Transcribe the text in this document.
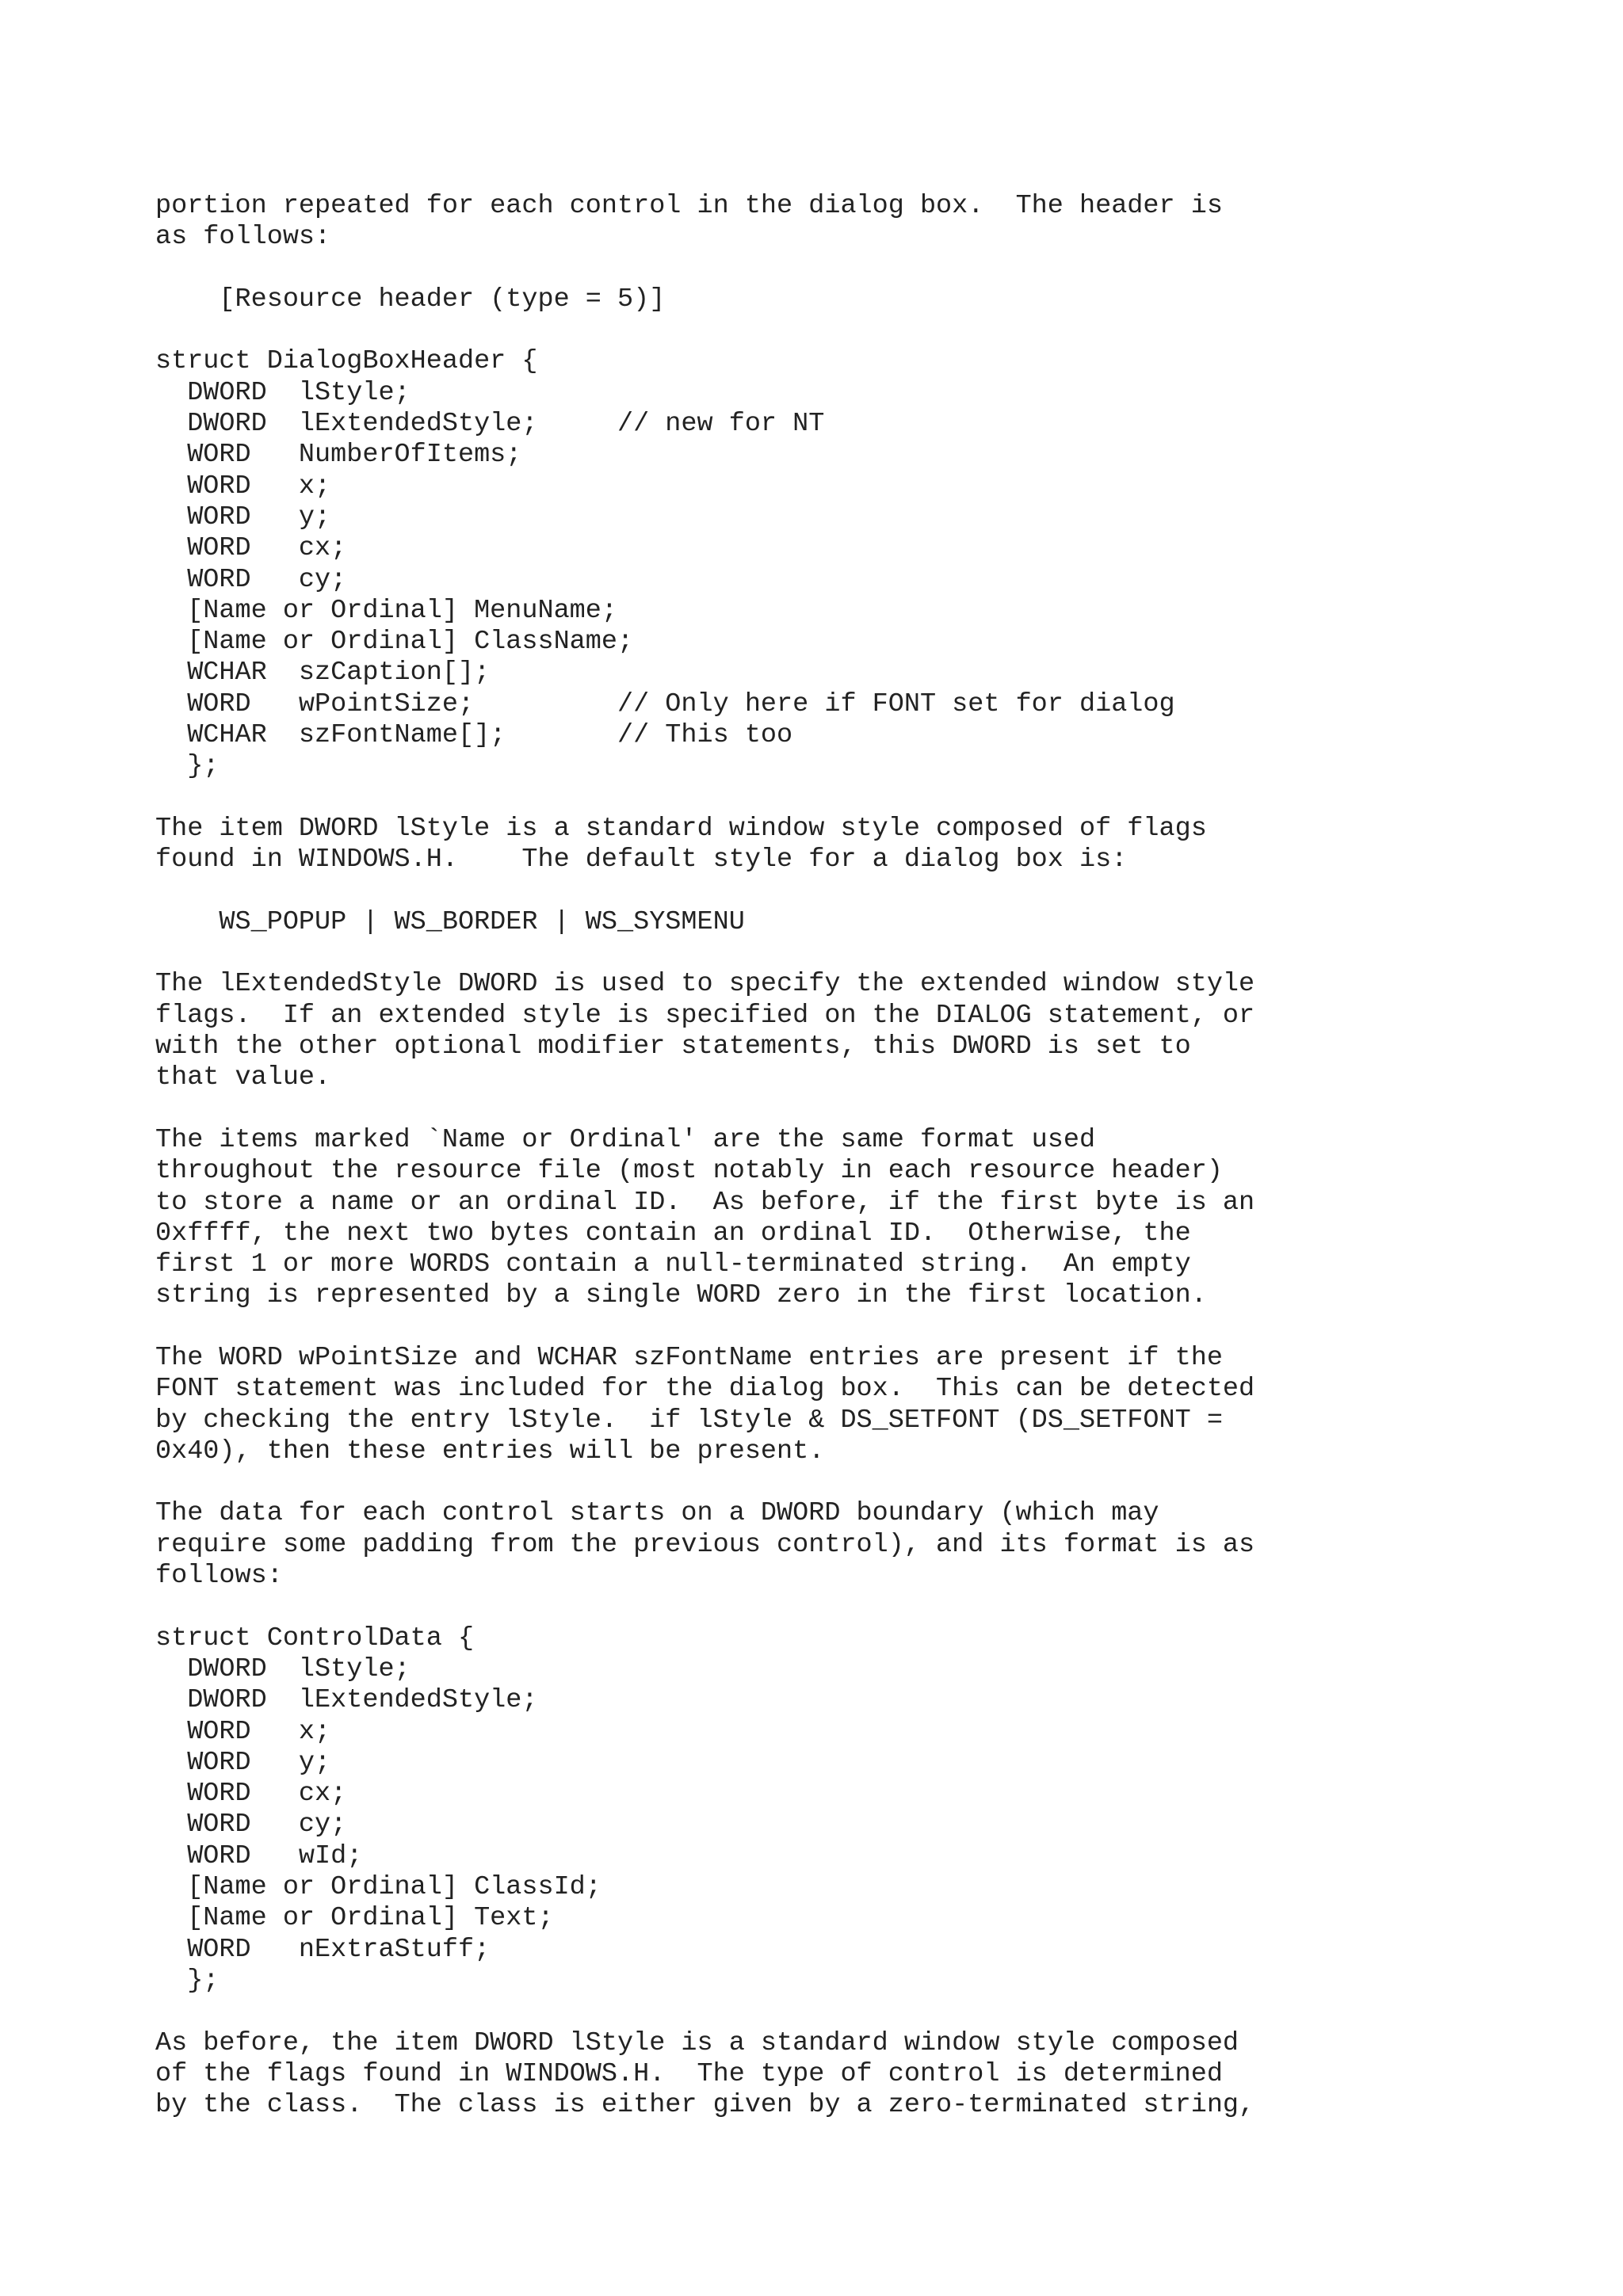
portion repeated for each control in the dialog box.  The header is
as follows:

[Resource header (type = 5)]

struct DialogBoxHeader {
DWORD  lStyle;
DWORD  lExtendedStyle;     // new for NT
WORD   NumberOfItems;
WORD   x;
WORD   y;
WORD   cx;
WORD   cy;
[Name or Ordinal] MenuName;
[Name or Ordinal] ClassName;
WCHAR  szCaption[];
WORD   wPointSize;         // Only here if FONT set for dialog
WCHAR  szFontName[];       // This too
};

The item DWORD lStyle is a standard window style composed of flags
found in WINDOWS.H.    The default style for a dialog box is:

WS_POPUP | WS_BORDER | WS_SYSMENU

The lExtendedStyle DWORD is used to specify the extended window style
flags.  If an extended style is specified on the DIALOG statement, or
with the other optional modifier statements, this DWORD is set to
that value.

The items marked `Name or Ordinal' are the same format used
throughout the resource file (most notably in each resource header)
to store a name or an ordinal ID.  As before, if the first byte is an
0xffff, the next two bytes contain an ordinal ID.  Otherwise, the
first 1 or more WORDS contain a null-terminated string.  An empty
string is represented by a single WORD zero in the first location.

The WORD wPointSize and WCHAR szFontName entries are present if the
FONT statement was included for the dialog box.  This can be detected
by checking the entry lStyle.  if lStyle & DS_SETFONT (DS_SETFONT =
0x40), then these entries will be present.

The data for each control starts on a DWORD boundary (which may
require some padding from the previous control), and its format is as
follows:

struct ControlData {
DWORD  lStyle;
DWORD  lExtendedStyle;
WORD   x;
WORD   y;
WORD   cx;
WORD   cy;
WORD   wId;
[Name or Ordinal] ClassId;
[Name or Ordinal] Text;
WORD   nExtraStuff;
};

As before, the item DWORD lStyle is a standard window style composed
of the flags found in WINDOWS.H.  The type of control is determined
by the class.  The class is either given by a zero-terminated string,
